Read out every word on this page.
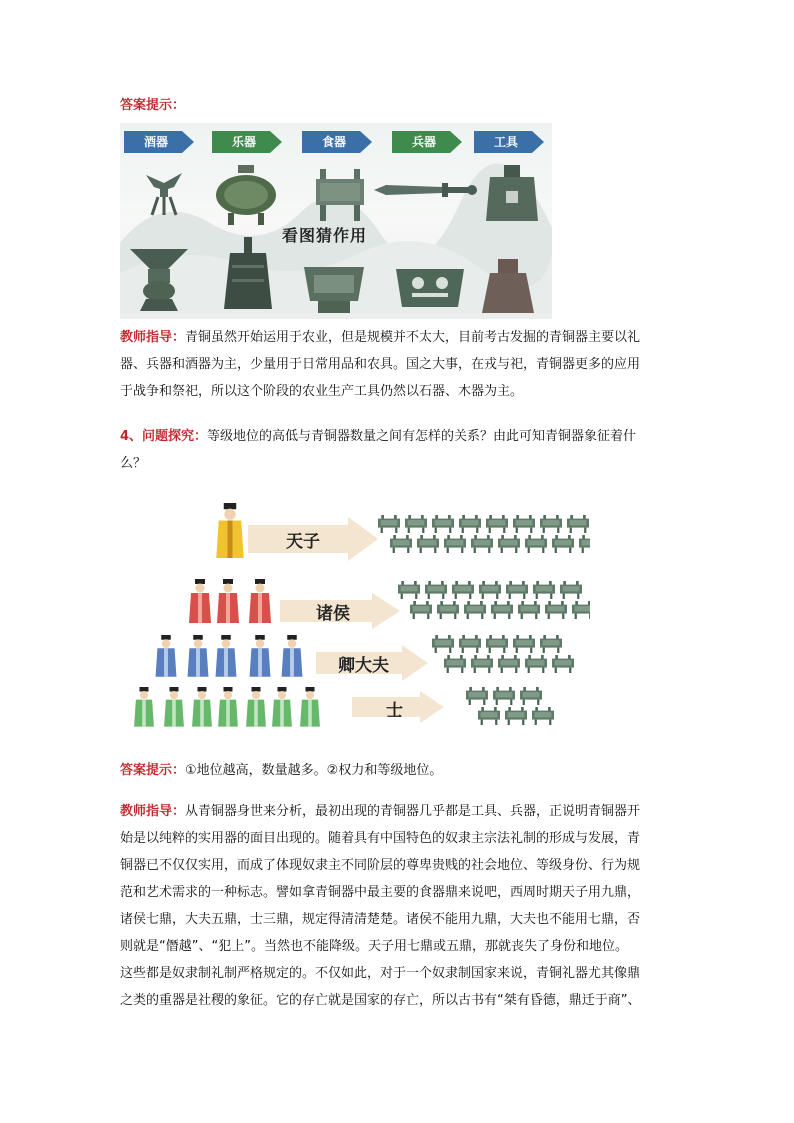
答案提示：
酒器	乐器	食器	兵器	工具
看图猜作用
教师指导：青铜虽然开始运用于农业，但是规模并不太大，目前考古发掘的青铜器主要以礼
器、兵器和酒器为主，少量用于日常用品和农具。国之大事，在戎与祀，青铜器更多的应用
于战争和祭祀，所以这个阶段的农业生产工具仍然以石器、木器为主。
4、问题探究：等级地位的高低与青铜器数量之间有怎样的关系？由此可知青铜器象征着什
么？
天子
诸侯
卿大夫
士
答案提示：①地位越高，数量越多。②权力和等级地位。
教师指导：从青铜器身世来分析，最初出现的青铜器几乎都是工具、兵器，正说明青铜器开
始是以纯粹的实用器的面目出现的。随着具有中国特色的奴隶主宗法礼制的形成与发展，青
铜器已不仅仅实用，而成了体现奴隶主不同阶层的尊卑贵贱的社会地位、等级身份、行为规
范和艺术需求的一种标志。譬如拿青铜器中最主要的食器鼎来说吧，西周时期天子用九鼎，
诸侯七鼎，大夫五鼎，士三鼎，规定得清清楚楚。诸侯不能用九鼎，大夫也不能用七鼎，否
则就是“僭越”、“犯上”。当然也不能降级。天子用七鼎或五鼎，那就丧失了身份和地位。
这些都是奴隶制礼制严格规定的。不仅如此，对于一个奴隶制国家来说，青铜礼器尤其像鼎
之类的重器是社稷的象征。它的存亡就是国家的存亡，所以古书有“桀有昏德，鼎迁于商”、
